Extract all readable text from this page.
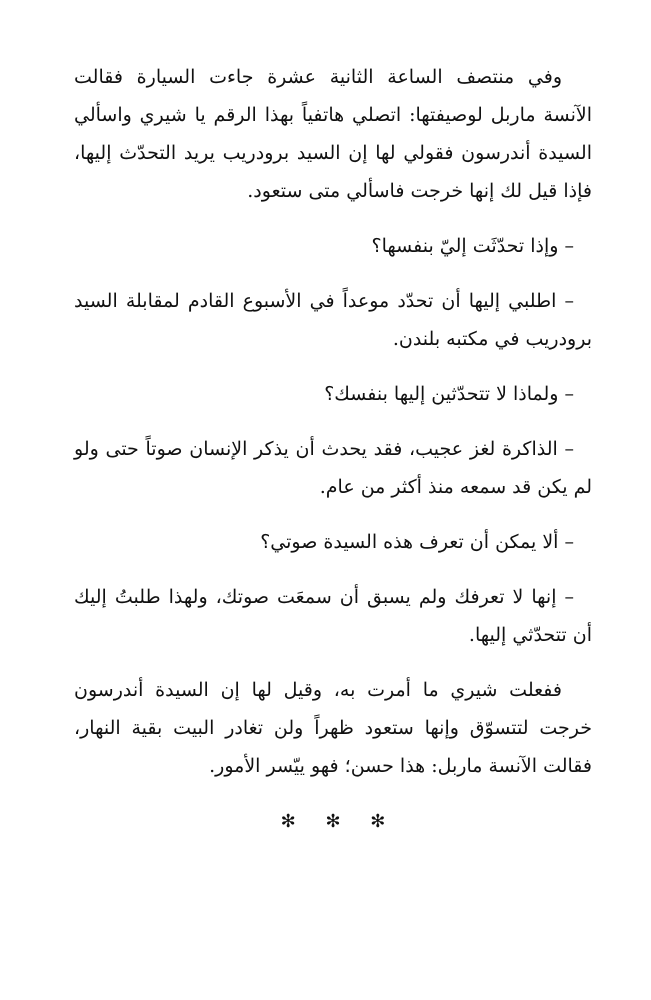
وفي منتصف الساعة الثانية عشرة جاءت السيارة فقالت الآنسة ماربل لوصيفتها: اتصلي هاتفياً بهذا الرقم يا شيري واسألي السيدة أندرسون فقولي لها إن السيد برودريب يريد التحدّث إليها، فإذا قيل لك إنها خرجت فاسألي متى ستعود.

– وإذا تحدّثَت إليّ بنفسها؟

– اطلبي إليها أن تحدّد موعداً في الأسبوع القادم لمقابلة السيد برودريب في مكتبه بلندن.

– ولماذا لا تتحدّثين إليها بنفسك؟

– الذاكرة لغز عجيب، فقد يحدث أن يذكر الإنسان صوتاً حتى ولو لم يكن قد سمعه منذ أكثر من عام.

– ألا يمكن أن تعرف هذه السيدة صوتي؟

– إنها لا تعرفك ولم يسبق أن سمعَت صوتك، ولهذا طلبتُ إليك أن تتحدّثي إليها.

ففعلت شيري ما أمرت به، وقيل لها إن السيدة أندرسون خرجت لتتسوّق وإنها ستعود ظهراً ولن تغادر البيت بقية النهار، فقالت الآنسة ماربل: هذا حسن؛ فهو ييّسر الأمور.

✻ ✻ ✻
